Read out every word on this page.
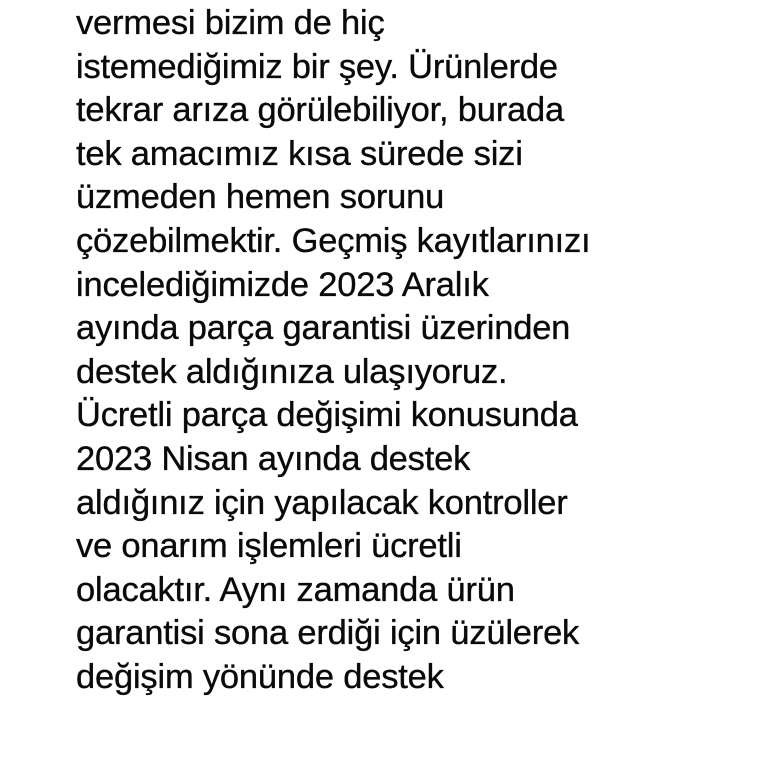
vermesi bizim de hiç
istemediğimiz bir şey. Ürünlerde
tekrar arıza görülebiliyor, burada
tek amacımız kısa sürede sizi
üzmeden hemen sorunu
çözebilmektir. Geçmiş kayıtlarınızı
incelediğimizde 2023 Aralık
ayında parça garantisi üzerinden
destek aldığınıza ulaşıyoruz.
Ücretli parça değişimi konusunda
2023 Nisan ayında destek
aldığınız için yapılacak kontroller
ve onarım işlemleri ücretli
olacaktır. Aynı zamanda ürün
garantisi sona erdiği için üzülerek
değişim yönünde destek
